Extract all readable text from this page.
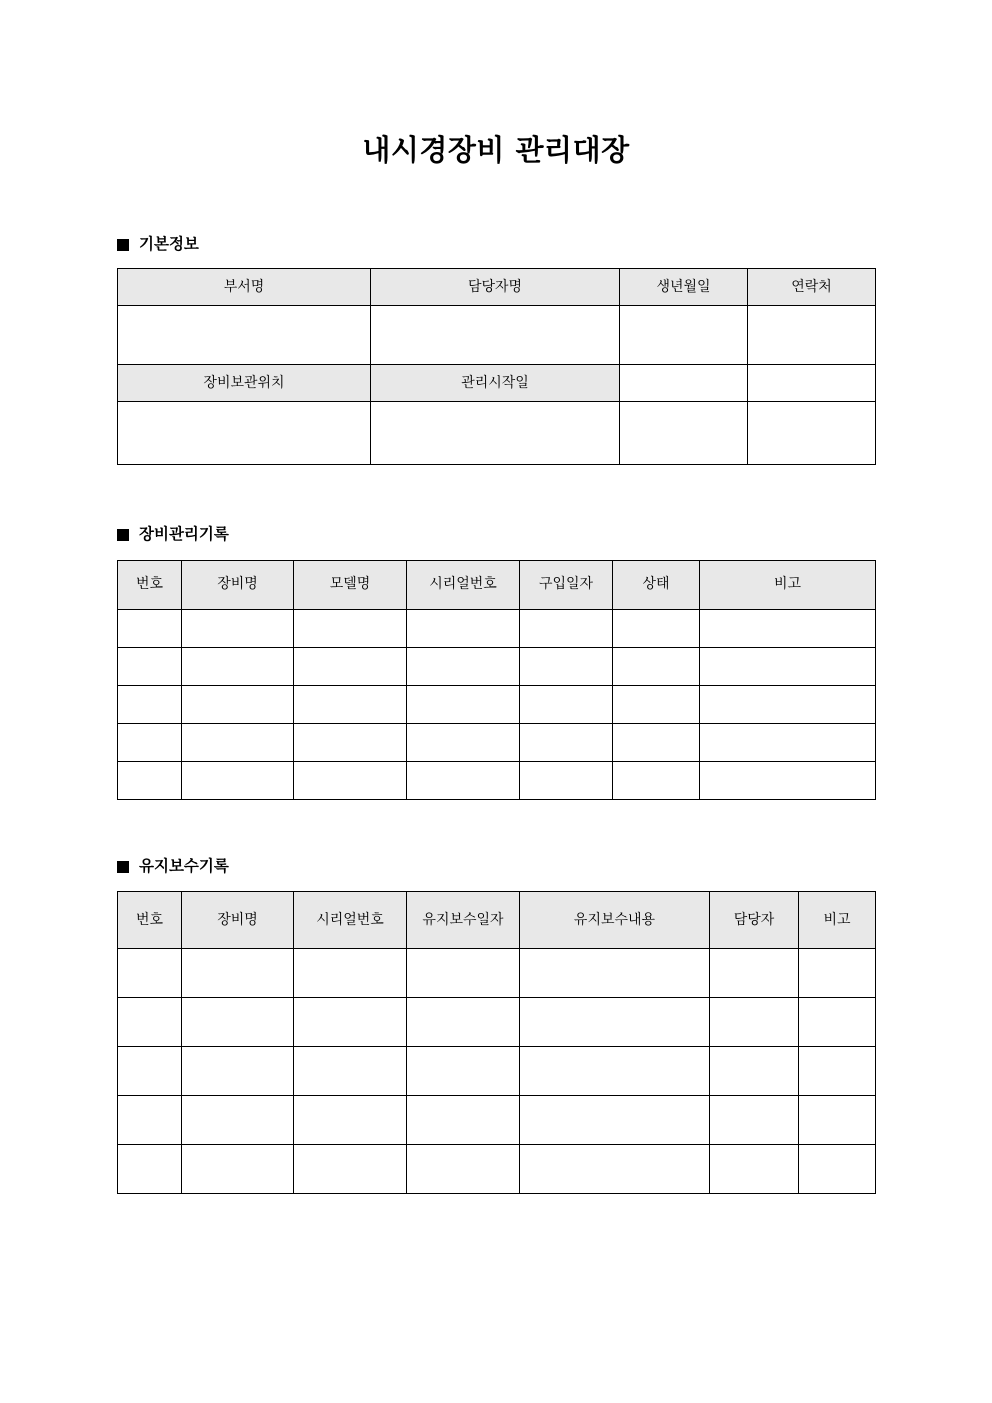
내시경장비 관리대장
기본정보
부서명	담당자명	생년월일	연락처

장비보관위치	관리시작일		

장비관리기록
번호	장비명	모델명	시리얼번호	구입일자	상태	비고

유지보수기록
번호	장비명	시리얼번호	유지보수일자	유지보수내용	담당자	비고
